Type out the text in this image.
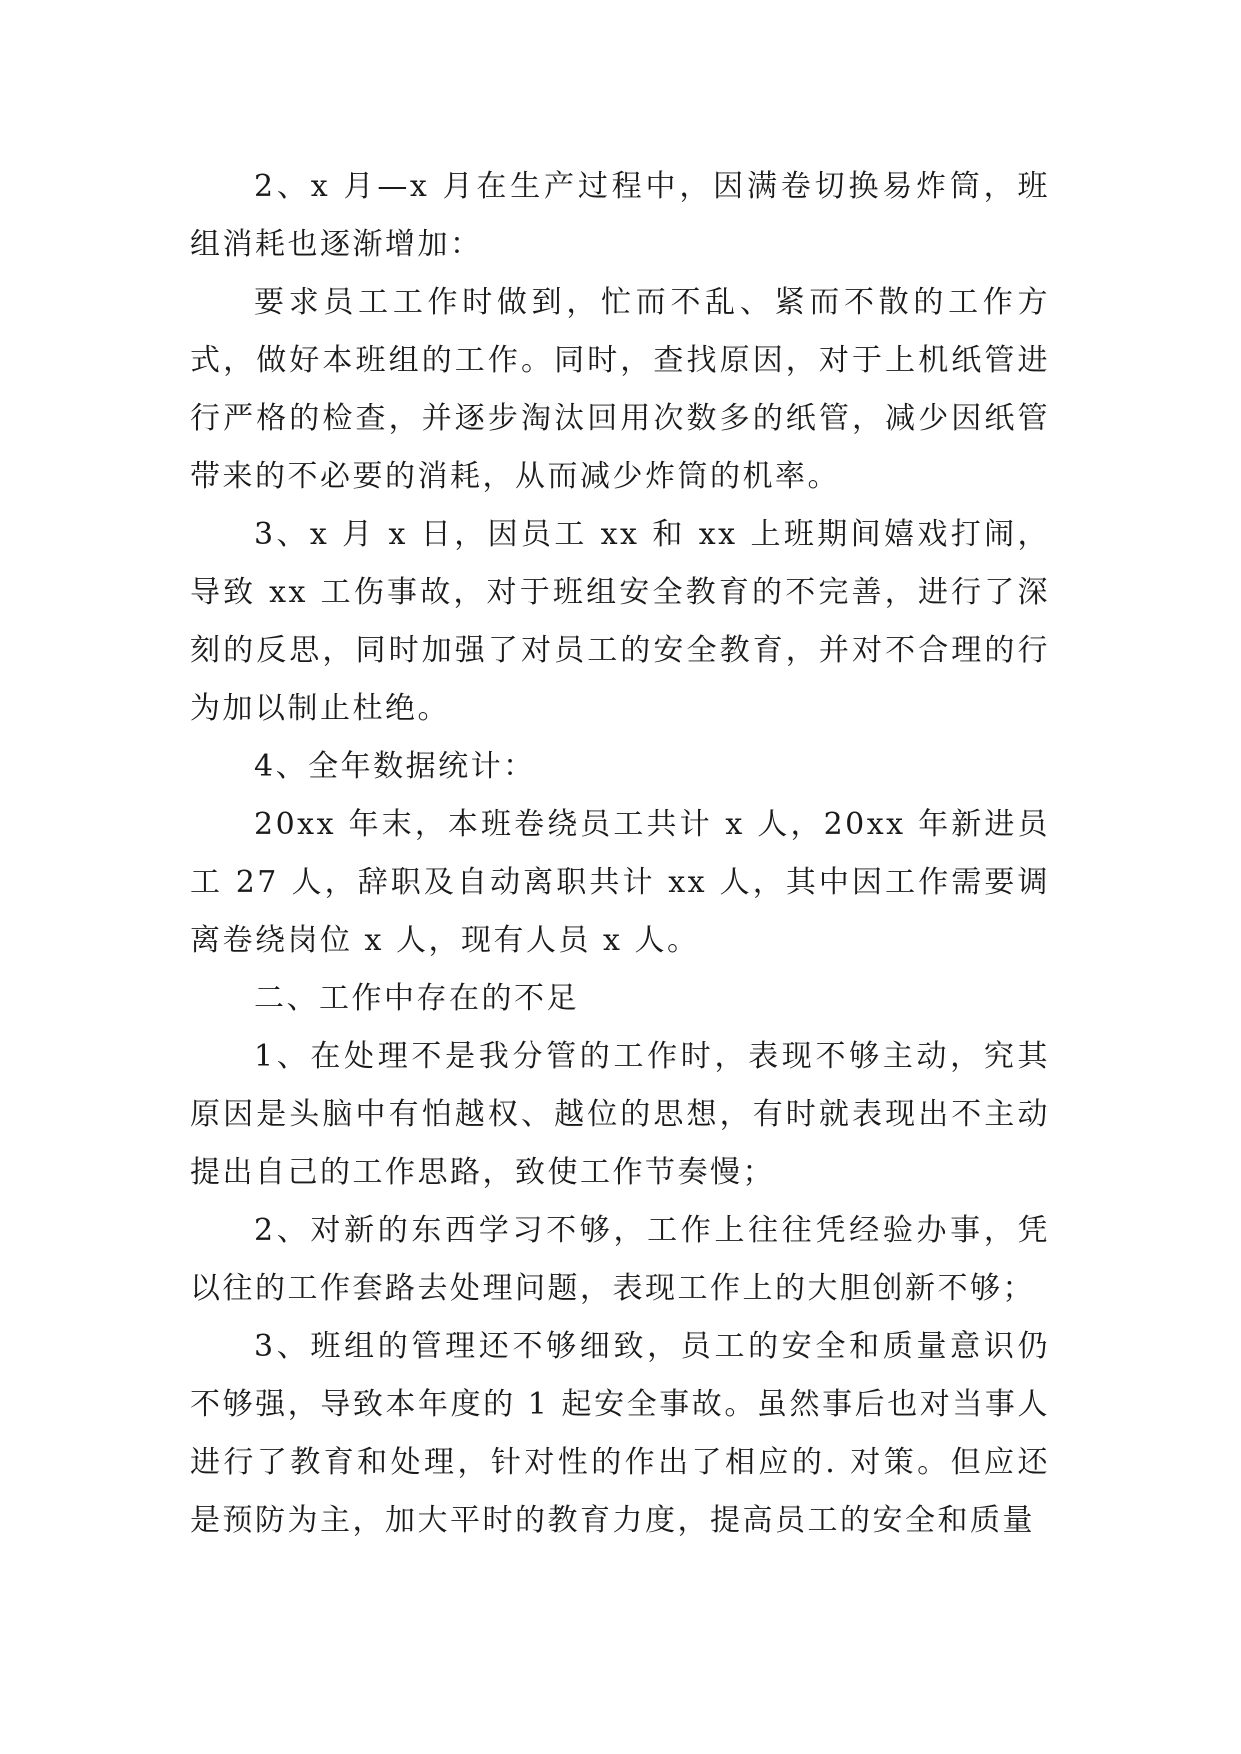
2、x 月—x 月在生产过程中，因满卷切换易炸筒，班组消耗也逐渐增加：

要求员工工作时做到，忙而不乱、紧而不散的工作方式，做好本班组的工作。同时，查找原因，对于上机纸管进行严格的检查，并逐步淘汰回用次数多的纸管，减少因纸管带来的不必要的消耗，从而减少炸筒的机率。

3、x 月 x 日，因员工 xx 和 xx 上班期间嬉戏打闹，导致 xx 工伤事故，对于班组安全教育的不完善，进行了深刻的反思，同时加强了对员工的安全教育，并对不合理的行为加以制止杜绝。

4、全年数据统计：

20xx 年末，本班卷绕员工共计 x 人，20xx 年新进员工 27 人，辞职及自动离职共计 xx 人，其中因工作需要调离卷绕岗位 x 人，现有人员 x 人。

二、工作中存在的不足

1、在处理不是我分管的工作时，表现不够主动，究其原因是头脑中有怕越权、越位的思想，有时就表现出不主动提出自己的工作思路，致使工作节奏慢；

2、对新的东西学习不够，工作上往往凭经验办事，凭以往的工作套路去处理问题，表现工作上的大胆创新不够；

3、班组的管理还不够细致，员工的安全和质量意识仍不够强，导致本年度的 1 起安全事故。虽然事后也对当事人进行了教育和处理，针对性的作出了相应的. 对策。但应还是预防为主，加大平时的教育力度，提高员工的安全和质量
